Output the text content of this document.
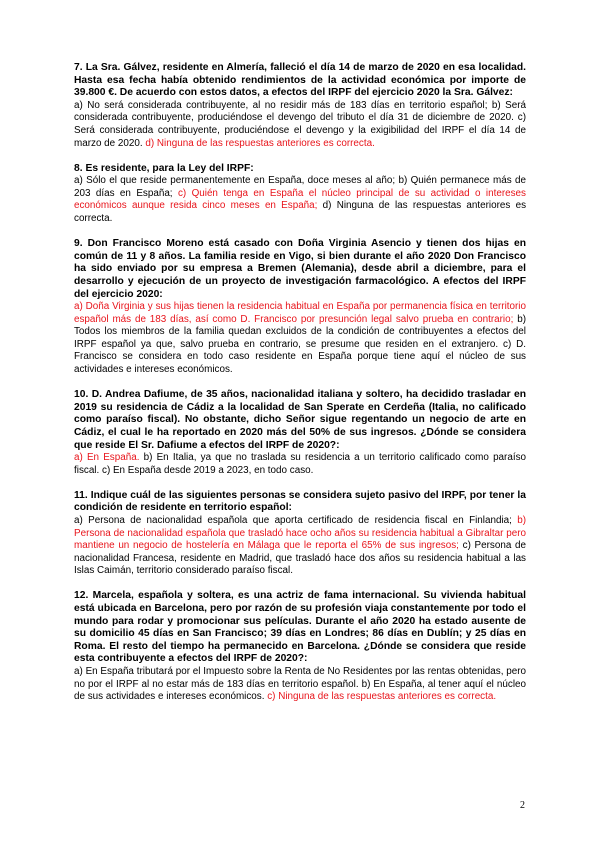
7. La Sra. Gálvez, residente en Almería, falleció el día 14 de marzo de 2020 en esa localidad. Hasta esa fecha había obtenido rendimientos de la actividad económica por importe de 39.800 €. De acuerdo con estos datos, a efectos del IRPF del ejercicio 2020 la Sra. Gálvez:
a) No será considerada contribuyente, al no residir más de 183 días en territorio español; b) Será considerada contribuyente, produciéndose el devengo del tributo el día 31 de diciembre de 2020. c) Será considerada contribuyente, produciéndose el devengo y la exigibilidad del IRPF el día 14 de marzo de 2020. d) Ninguna de las respuestas anteriores es correcta.
8. Es residente, para la Ley del IRPF:
a) Sólo el que reside permanentemente en España, doce meses al año; b) Quién permanece más de 203 días en España; c) Quién tenga en España el núcleo principal de su actividad o intereses económicos aunque resida cinco meses en España; d) Ninguna de las respuestas anteriores es correcta.
9. Don Francisco Moreno está casado con Doña Virginia Asencio y tienen dos hijas en común de 11 y 8 años. La familia reside en Vigo, si bien durante el año 2020 Don Francisco ha sido enviado por su empresa a Bremen (Alemania), desde abril a diciembre, para el desarrollo y ejecución de un proyecto de investigación farmacológico. A efectos del IRPF del ejercicio 2020:
a) Doña Virginia y sus hijas tienen la residencia habitual en España por permanencia física en territorio español más de 183 días, así como D. Francisco por presunción legal salvo prueba en contrario; b) Todos los miembros de la familia quedan excluidos de la condición de contribuyentes a efectos del IRPF español ya que, salvo prueba en contrario, se presume que residen en el extranjero. c) D. Francisco se considera en todo caso residente en España porque tiene aquí el núcleo de sus actividades e intereses económicos.
10. D. Andrea Dafiume, de 35 años, nacionalidad italiana y soltero, ha decidido trasladar en 2019 su residencia de Cádiz a la localidad de San Sperate en Cerdeña (Italia, no calificado como paraíso fiscal). No obstante, dicho Señor sigue regentando un negocio de arte en Cádiz, el cual le ha reportado en 2020 más del 50% de sus ingresos. ¿Dónde se considera que reside El Sr. Dafiume a efectos del IRPF de 2020?:
a) En España. b) En Italia, ya que no traslada su residencia a un territorio calificado como paraíso fiscal. c) En España desde 2019 a 2023, en todo caso.
11. Indique cuál de las siguientes personas se considera sujeto pasivo del IRPF, por tener la condición de residente en territorio español:
a) Persona de nacionalidad española que aporta certificado de residencia fiscal en Finlandia; b) Persona de nacionalidad española que trasladó hace ocho años su residencia habitual a Gibraltar pero mantiene un negocio de hostelería en Málaga que le reporta el 65% de sus ingresos; c) Persona de nacionalidad Francesa, residente en Madrid, que trasladó hace dos años su residencia habitual a las Islas Caimán, territorio considerado paraíso fiscal.
12. Marcela, española y soltera, es una actriz de fama internacional. Su vivienda habitual está ubicada en Barcelona, pero por razón de su profesión viaja constantemente por todo el mundo para rodar y promocionar sus películas. Durante el año 2020 ha estado ausente de su domicilio 45 días en San Francisco; 39 días en Londres; 86 días en Dublín; y 25 días en Roma. El resto del tiempo ha permanecido en Barcelona. ¿Dónde se considera que reside esta contribuyente a efectos del IRPF de 2020?:
a) En España tributará por el Impuesto sobre la Renta de No Residentes por las rentas obtenidas, pero no por el IRPF al no estar más de 183 días en territorio español. b) En España, al tener aquí el núcleo de sus actividades e intereses económicos. c) Ninguna de las respuestas anteriores es correcta.
2
